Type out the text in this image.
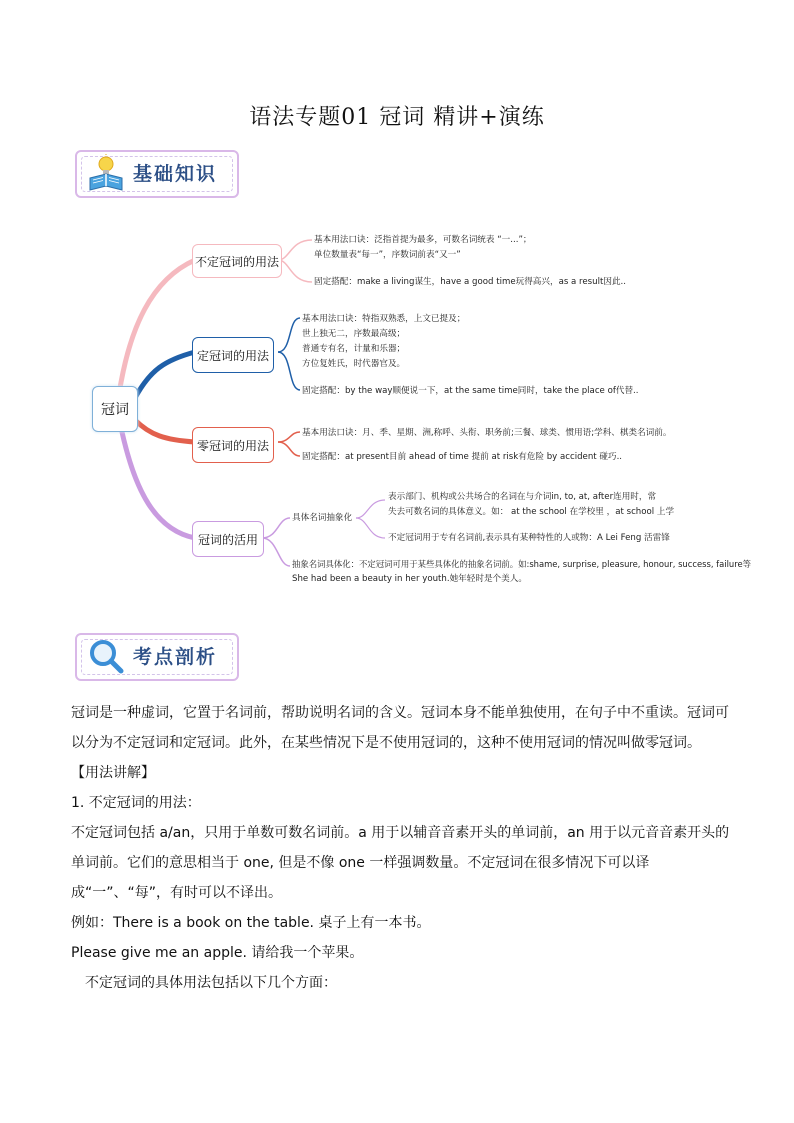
语法专题01 冠词 精讲+演练
基础知识
冠词
不定冠词的用法
定冠词的用法
零冠词的用法
冠词的活用
基本用法口诀：泛指首提为最多，可数名词统表 “一...”；
单位数量表“每一”，序数词前表“又一”
固定搭配：make a living谋生，have a good time玩得高兴，as a result因此..
基本用法口诀：特指双熟悉，上文已提及；
世上独无二，序数最高级；
普通专有名，计量和乐器；
方位复姓氏，时代器官及。
固定搭配：by the way顺便说一下，at the same time同时，take the place of代替..
基本用法口诀：月、季、星期、洲,称呼、头衔、职务前;三餐、球类、惯用语;学科、棋类名词前。
固定搭配：at present目前 ahead of time 提前 at risk有危险 by accident 碰巧..
具体名词抽象化
表示部门、机构或公共场合的名词在与介词in, to, at, after连用时，常
失去可数名词的具体意义。如： at the school 在学校里 ，at school 上学
不定冠词用于专有名词前,表示具有某种特性的人或物：A Lei Feng 活雷锋
抽象名词具体化：不定冠词可用于某些具体化的抽象名词前。如:shame, surprise, pleasure, honour, success, failure等
She had been a beauty in her youth.她年轻时是个美人。
考点剖析

冠词是一种虚词，它置于名词前，帮助说明名词的含义。冠词本身不能单独使用，在句子中不重读。冠词可以分为不定冠词和定冠词。此外，在某些情况下是不使用冠词的，这种不使用冠词的情况叫做零冠词。

【用法讲解】

1. 不定冠词的用法：

不定冠词包括 a/an，只用于单数可数名词前。a 用于以辅音音素开头的单词前，an 用于以元音音素开头的单词前。它们的意思相当于 one, 但是不像 one 一样强调数量。不定冠词在很多情况下可以译成“一”、“每”，有时可以不译出。

例如：There is a book on the table. 桌子上有一本书。

Please give me an apple. 请给我一个苹果。

不定冠词的具体用法包括以下几个方面：
